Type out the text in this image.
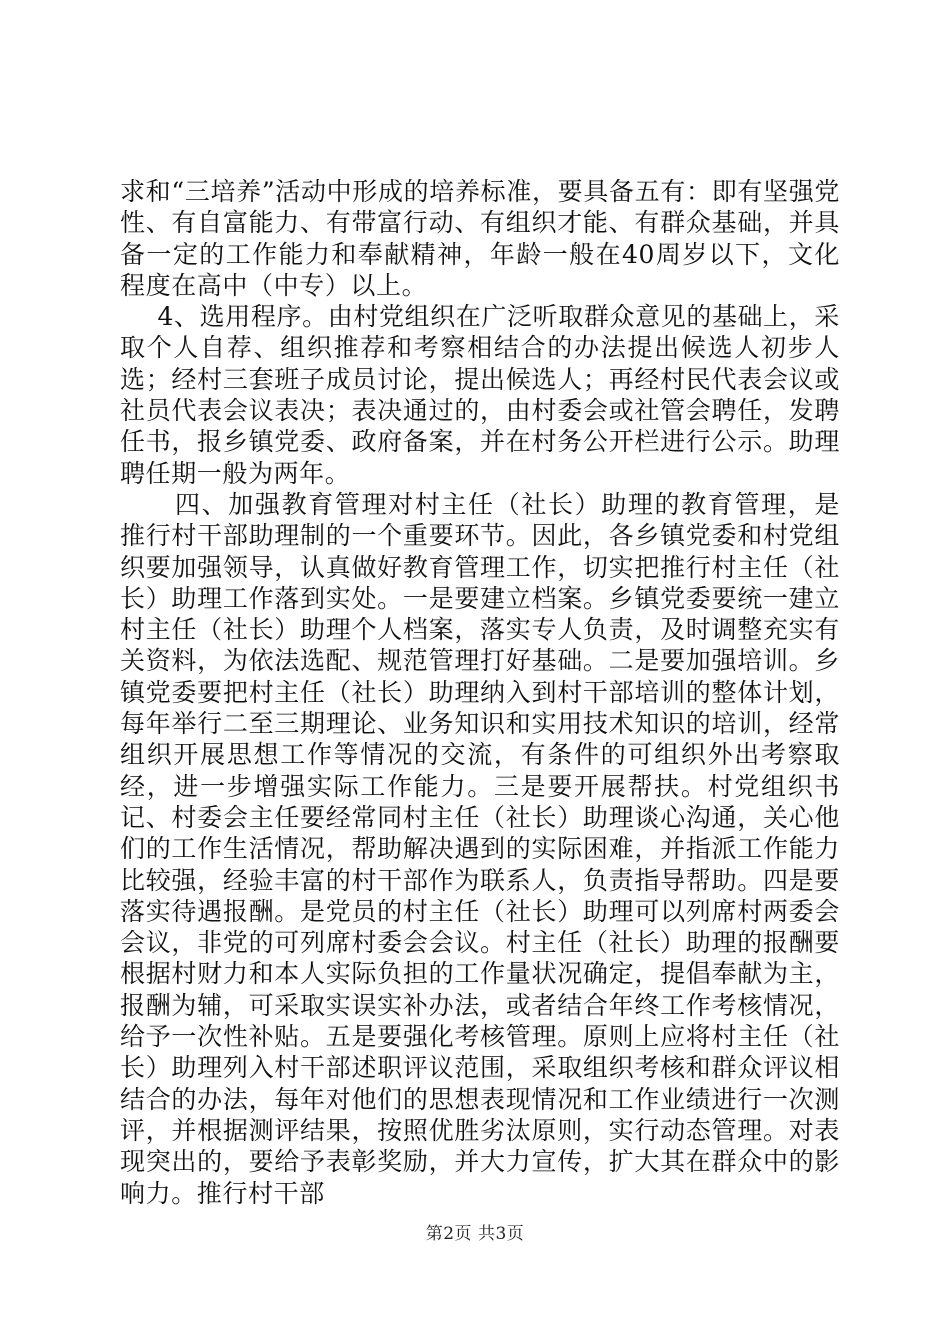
求和“三培养”活动中形成的培养标准，要具备五有：即有坚强党性、有自富能力、有带富行动、有组织才能、有群众基础，并具备一定的工作能力和奉献精神，年龄一般在40周岁以下，文化程度在高中（中专）以上。

4、选用程序。由村党组织在广泛听取群众意见的基础上，采取个人自荐、组织推荐和考察相结合的办法提出候选人初步人选；经村三套班子成员讨论，提出候选人；再经村民代表会议或社员代表会议表决；表决通过的，由村委会或社管会聘任，发聘任书，报乡镇党委、政府备案，并在村务公开栏进行公示。助理聘任期一般为两年。

四、加强教育管理对村主任（社长）助理的教育管理，是推行村干部助理制的一个重要环节。因此，各乡镇党委和村党组织要加强领导，认真做好教育管理工作，切实把推行村主任（社长）助理工作落到实处。一是要建立档案。乡镇党委要统一建立村主任（社长）助理个人档案，落实专人负责，及时调整充实有关资料，为依法选配、规范管理打好基础。二是要加强培训。乡镇党委要把村主任（社长）助理纳入到村干部培训的整体计划，每年举行二至三期理论、业务知识和实用技术知识的培训，经常组织开展思想工作等情况的交流，有条件的可组织外出考察取经，进一步增强实际工作能力。三是要开展帮扶。村党组织书记、村委会主任要经常同村主任（社长）助理谈心沟通，关心他们的工作生活情况，帮助解决遇到的实际困难，并指派工作能力比较强，经验丰富的村干部作为联系人，负责指导帮助。四是要落实待遇报酬。是党员的村主任（社长）助理可以列席村两委会会议，非党的可列席村委会会议。村主任（社长）助理的报酬要根据村财力和本人实际负担的工作量状况确定，提倡奉献为主，报酬为辅，可采取实误实补办法，或者结合年终工作考核情况，给予一次性补贴。五是要强化考核管理。原则上应将村主任（社长）助理列入村干部述职评议范围，采取组织考核和群众评议相结合的办法，每年对他们的思想表现情况和工作业绩进行一次测评，并根据测评结果，按照优胜劣汰原则，实行动态管理。对表现突出的，要给予表彰奖励，并大力宣传，扩大其在群众中的影响力。推行村干部

第2页 共3页
